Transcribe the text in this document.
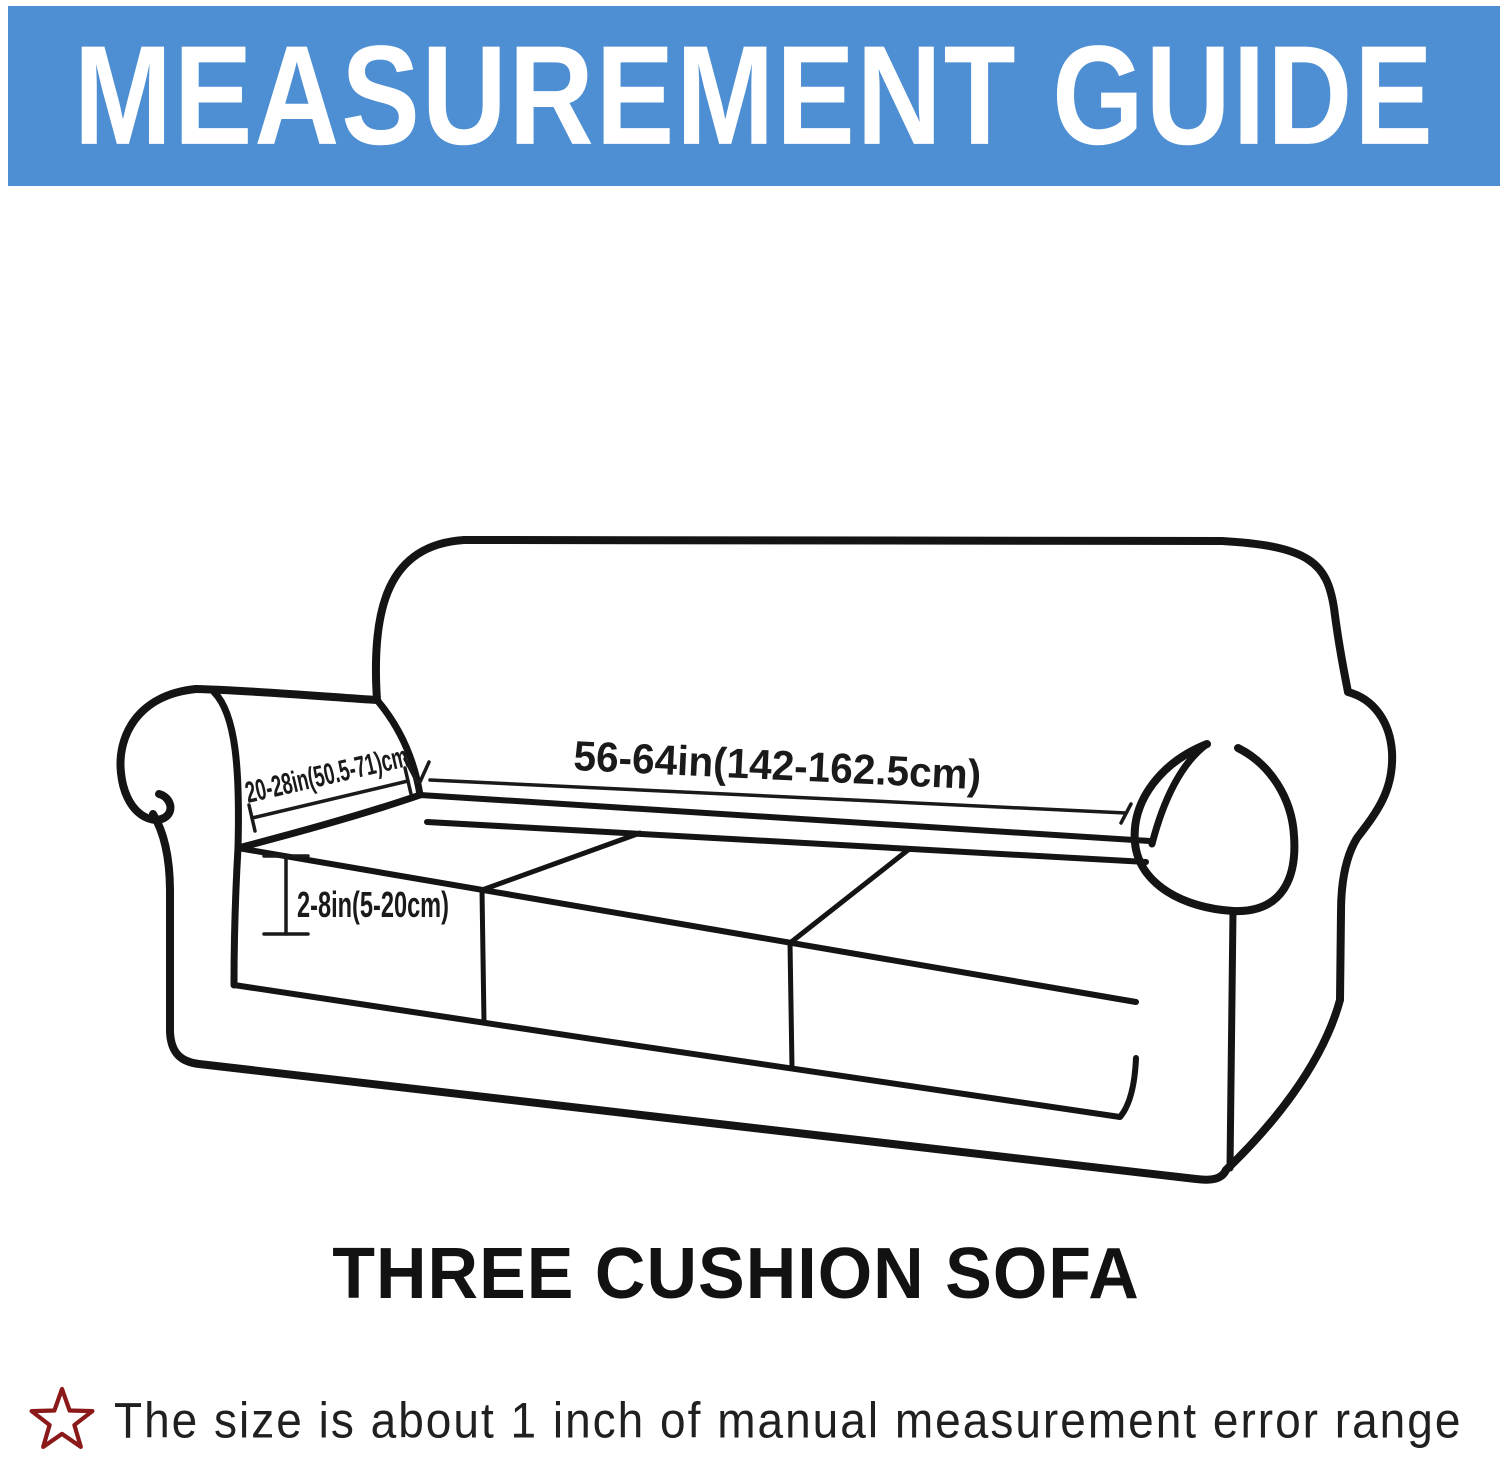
MEASUREMENT GUIDE
20-28in(50.5-71)cm 56-64in(142-162.5cm)
2-8in(5-20cm)
THREE CUSHION SOFA
The size is about 1 inch of manual measurement error range
